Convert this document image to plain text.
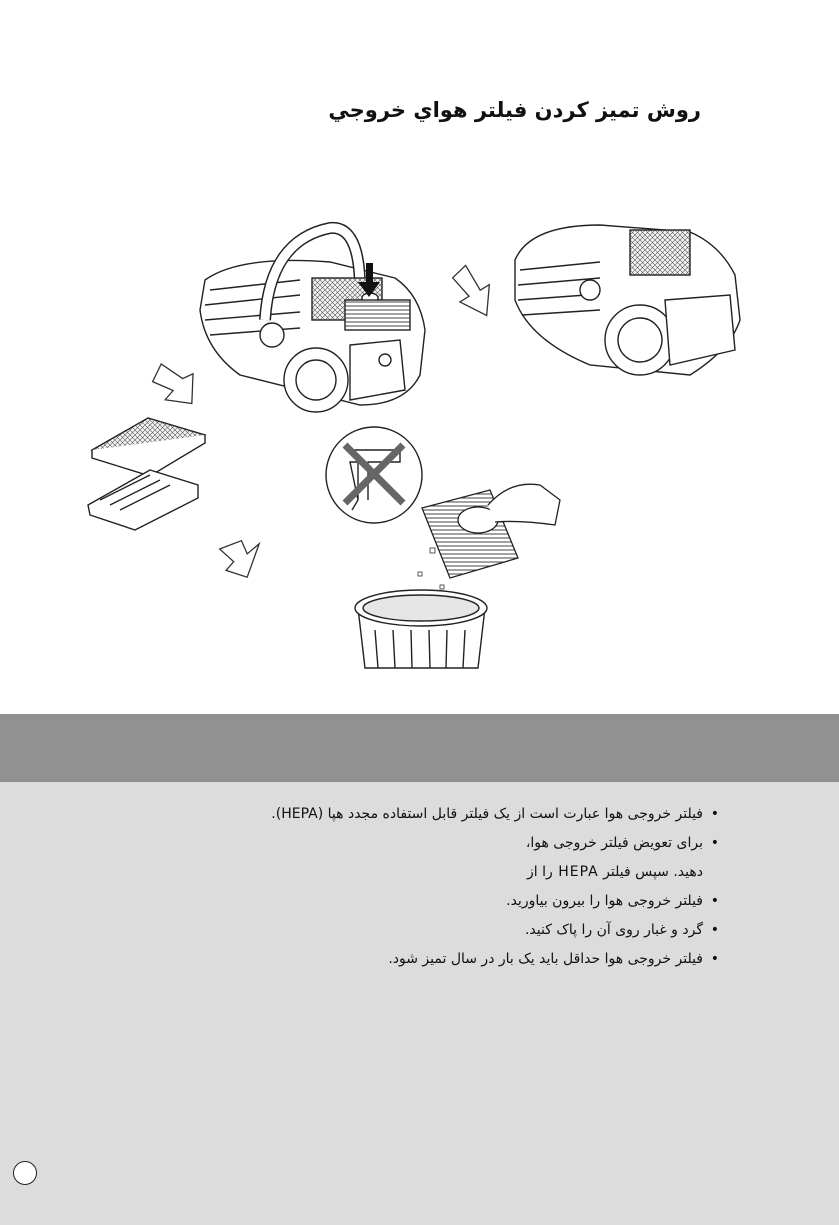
روش تميز كردن فيلتر هواي خروجي
• فیلتر خروجی هوا عبارت است از یک فیلتر قابل استفاده مجدد هپا (HEPA).
• برای تعویض فیلتر خروجی هوا،
دهید. سپس فیلتر HEPA را از
• فیلتر خروجی هوا را بیرون بیاورید.
• گرد و غبار روی آن را پاک کنید.
• فیلتر خروجی هوا حداقل باید یک بار در سال تمیز شود.
